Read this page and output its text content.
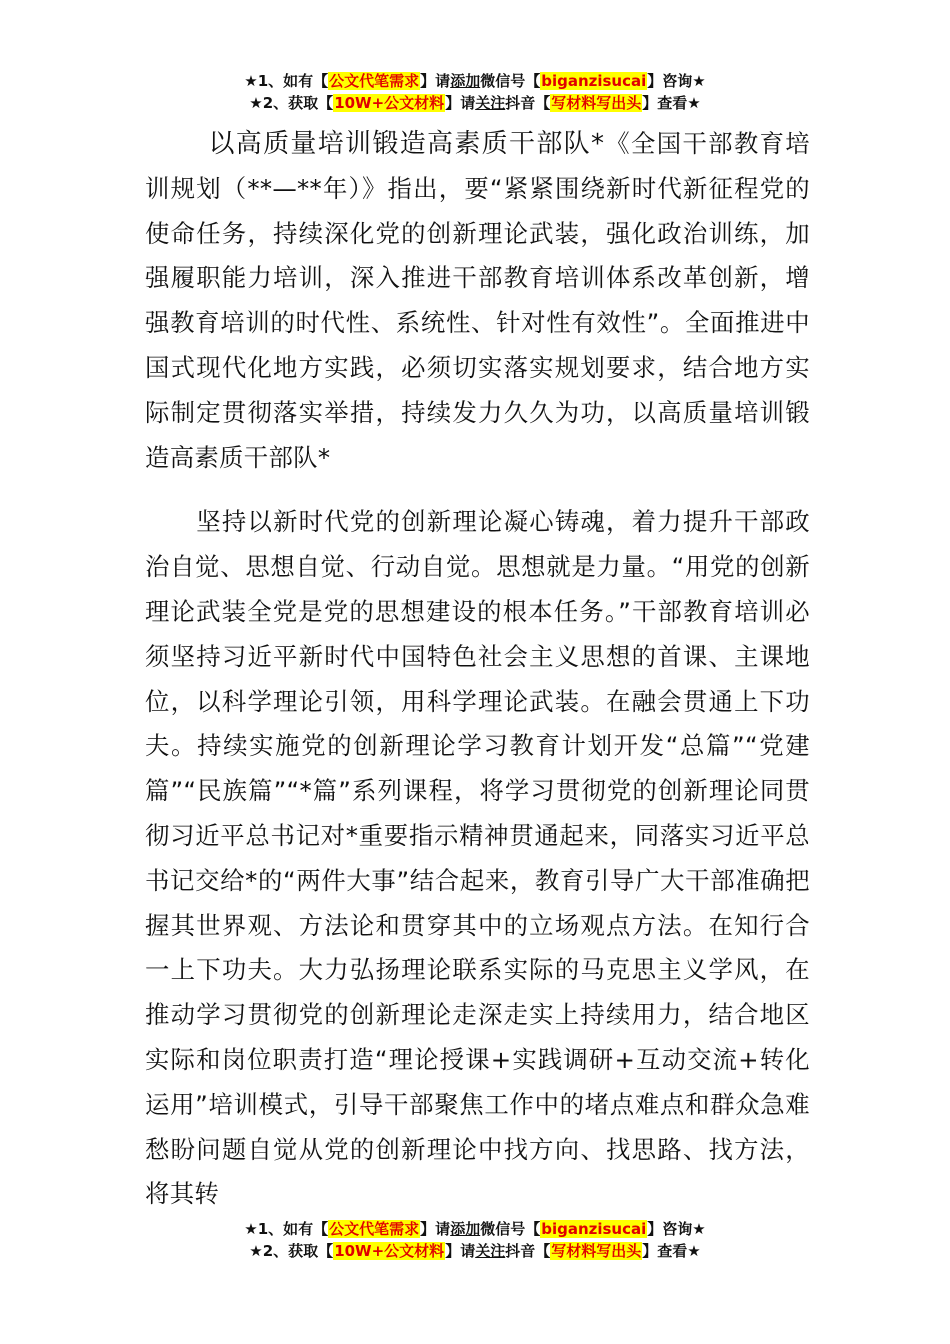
★1、如有【公文代笔需求】请添加微信号【biganzisucai】咨询★
★2、获取【10W+公文材料】请关注抖音【写材料写出头】查看★

以高质量培训锻造高素质干部队*《全国干部教育培训规划（**—**年）》指出，要“紧紧围绕新时代新征程党的使命任务，持续深化党的创新理论武装，强化政治训练，加强履职能力培训，深入推进干部教育培训体系改革创新，增强教育培训的时代性、系统性、针对性有效性”。全面推进中国式现代化地方实践，必须切实落实规划要求，结合地方实际制定贯彻落实举措，持续发力久久为功，以高质量培训锻造高素质干部队*

坚持以新时代党的创新理论凝心铸魂，着力提升干部政治自觉、思想自觉、行动自觉。思想就是力量。“用党的创新理论武装全党是党的思想建设的根本任务。”干部教育培训必须坚持习近平新时代中国特色社会主义思想的首课、主课地位，以科学理论引领，用科学理论武装。在融会贯通上下功夫。持续实施党的创新理论学习教育计划开发“总篇”“党建篇”“民族篇”“*篇”系列课程，将学习贯彻党的创新理论同贯彻习近平总书记对*重要指示精神贯通起来，同落实习近平总书记交给*的“两件大事”结合起来，教育引导广大干部准确把握其世界观、方法论和贯穿其中的立场观点方法。在知行合一上下功夫。大力弘扬理论联系实际的马克思主义学风，在推动学习贯彻党的创新理论走深走实上持续用力，结合地区实际和岗位职责打造“理论授课+实践调研+互动交流+转化运用”培训模式，引导干部聚焦工作中的堵点难点和群众急难愁盼问题自觉从党的创新理论中找方向、找思路、找方法，将其转

★1、如有【公文代笔需求】请添加微信号【biganzisucai】咨询★
★2、获取【10W+公文材料】请关注抖音【写材料写出头】查看★
